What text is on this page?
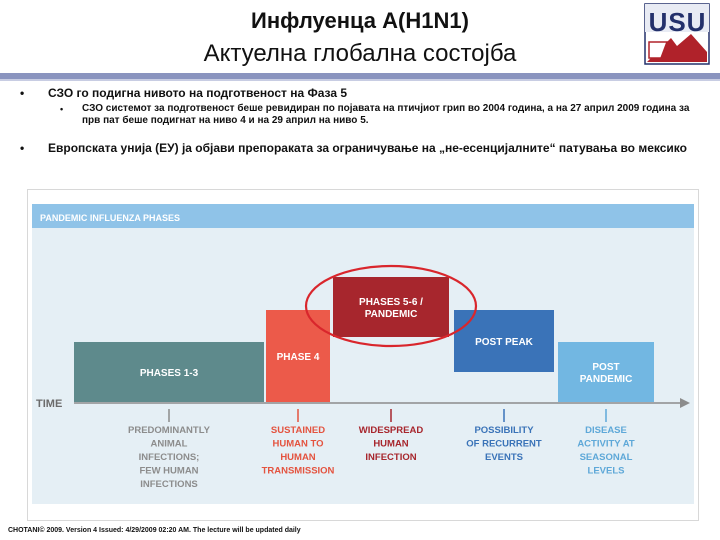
Инфлуенца A(H1N1)
Актуелна глобална состојба
U S U
• СЗО го подигна нивото на подготвеност на Фаза 5
• СЗО системот за подготвеност беше ревидиран по појавата на птичјиот грип во 2004 година, а на 27 април 2009 година за прв пат беше подигнат на ниво 4 и на 29 април на ниво 5.
• Европската унија (ЕУ) ја објави препораката за ограничување на „не-есенцијалните“ патувања во мексико
PANDEMIC INFLUENZA PHASES
TIME
PHASES 1-3
PREDOMINANTLY
ANIMAL
INFECTIONS;
FEW HUMAN
INFECTIONS
PHASE 4
SUSTAINED
HUMAN TO
HUMAN
TRANSMISSION
PHASES 5-6 /
PANDEMIC
WIDESPREAD
HUMAN
INFECTION
POST PEAK
POSSIBILITY
OF RECURRENT
EVENTS
POST
PANDEMIC
DISEASE
ACTIVITY AT
SEASONAL
LEVELS
CHOTANI© 2009. Version 4 Issued: 4/29/2009 02:20 AM. The lecture will be updated daily
